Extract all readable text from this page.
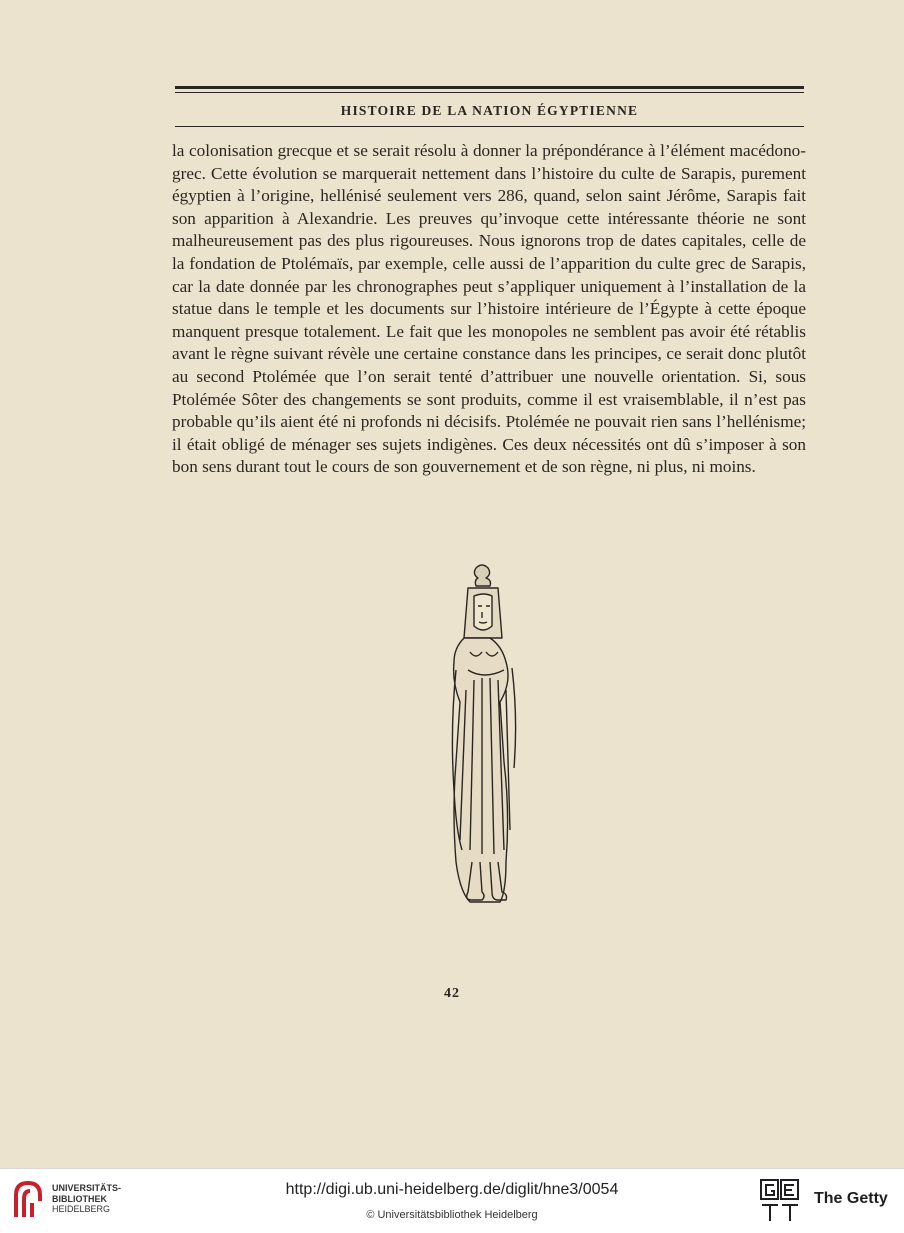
HISTOIRE DE LA NATION ÉGYPTIENNE

la colonisation grecque et se serait résolu à donner la prépondérance à l’élément macédono-grec. Cette évolution se marquerait nettement dans l’histoire du culte de Sarapis, purement égyptien à l’origine, hellénisé seulement vers 286, quand, selon saint Jérôme, Sarapis fait son apparition à Alexandrie. Les preuves qu’invoque cette intéressante théorie ne sont malheureusement pas des plus rigoureuses. Nous ignorons trop de dates capitales, celle de la fondation de Ptolémaïs, par exemple, celle aussi de l’apparition du culte grec de Sarapis, car la date donnée par les chronographes peut s’appliquer uniquement à l’installation de la statue dans le temple et les documents sur l’histoire intérieure de l’Égypte à cette époque manquent presque totalement. Le fait que les monopoles ne semblent pas avoir été rétablis avant le règne suivant révèle une certaine constance dans les principes, ce serait donc plutôt au second Ptolémée que l’on serait tenté d’attribuer une nouvelle orientation. Si, sous Ptolémée Sôter des changements se sont produits, comme il est vraisemblable, il n’est pas probable qu’ils aient été ni profonds ni décisifs. Ptolémée ne pouvait rien sans l’hellénisme; il était obligé de ménager ses sujets indigènes. Ces deux nécessités ont dû s’imposer à son bon sens durant tout le cours de son gouvernement et de son règne, ni plus, ni moins.

42
UNIVERSITÄTS-
BIBLIOTHEK
HEIDELBERG
http://digi.ub.uni-heidelberg.de/diglit/hne3/0054
© Universitätsbibliothek Heidelberg
The Getty
